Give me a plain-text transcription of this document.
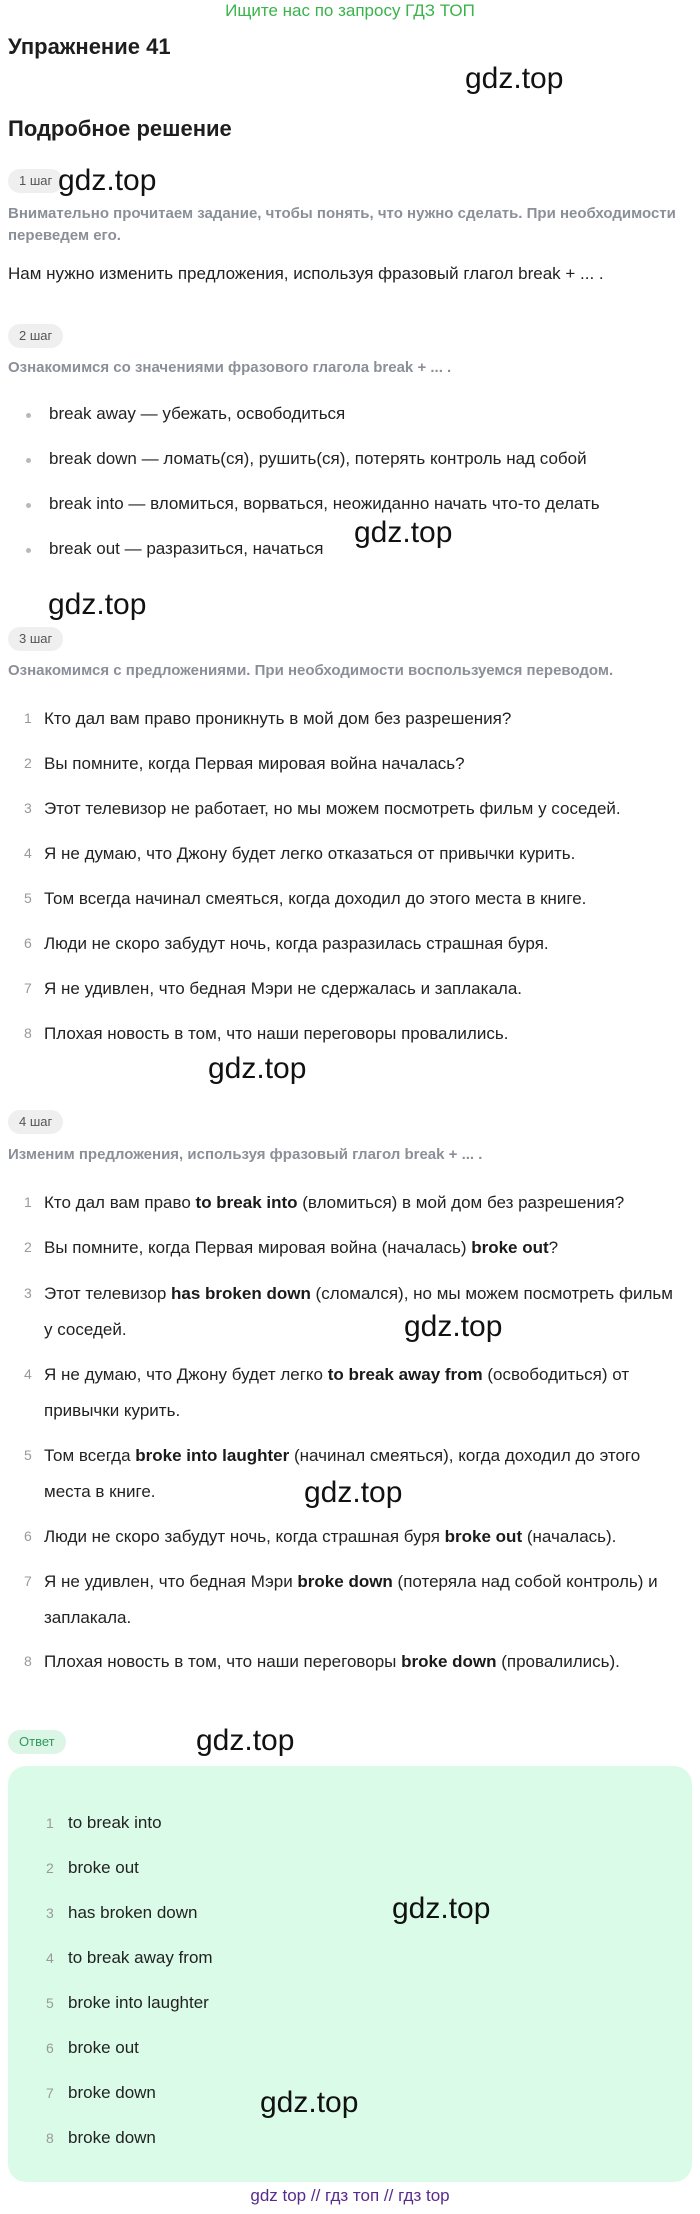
Ищите нас по запросу ГДЗ ТОП
Упражнение 41
gdz.top
Подробное решение
1 шаг gdz.top
Внимательно прочитаем задание, чтобы понять, что нужно сделать. При необходимости переведем его.
Нам нужно изменить предложения, используя фразовый глагол break + ... .
2 шаг
Ознакомимся со значениями фразового глагола break + ... .
break away — убежать, освободиться
break down — ломать(ся), рушить(ся), потерять контроль над собой
break into — вломиться, ворваться, неожиданно начать что-то делать
break out — разразиться, начаться gdz.top
gdz.top
3 шаг
Ознакомимся с предложениями. При необходимости воспользуемся переводом.
1 Кто дал вам право проникнуть в мой дом без разрешения?
2 Вы помните, когда Первая мировая война началась?
3 Этот телевизор не работает, но мы можем посмотреть фильм у соседей.
4 Я не думаю, что Джону будет легко отказаться от привычки курить.
5 Том всегда начинал смеяться, когда доходил до этого места в книге.
6 Люди не скоро забудут ночь, когда разразилась страшная буря.
7 Я не удивлен, что бедная Мэри не сдержалась и заплакала.
8 Плохая новость в том, что наши переговоры провалились.
gdz.top
4 шаг
Изменим предложения, используя фразовый глагол break + ... .
1 Кто дал вам право to break into (вломиться) в мой дом без разрешения?
2 Вы помните, когда Первая мировая война (началась) broke out?
3 Этот телевизор has broken down (сломался), но мы можем посмотреть фильм у соседей.	gdz.top
4 Я не думаю, что Джону будет легко to break away from (освободиться) от привычки курить.
5 Том всегда broke into laughter (начинал смеяться), когда доходил до этого места в книге.	gdz.top
6 Люди не скоро забудут ночь, когда страшная буря broke out (началась).
7 Я не удивлен, что бедная Мэри broke down (потеряла над собой контроль) и заплакала.
8 Плохая новость в том, что наши переговоры broke down (провалились).
Ответ	gdz.top
1 to break into
2 broke out
3 has broken down	gdz.top
4 to break away from
5 broke into laughter
6 broke out
7 broke down	gdz.top
8 broke down
gdz top // гдз топ // гдз top
